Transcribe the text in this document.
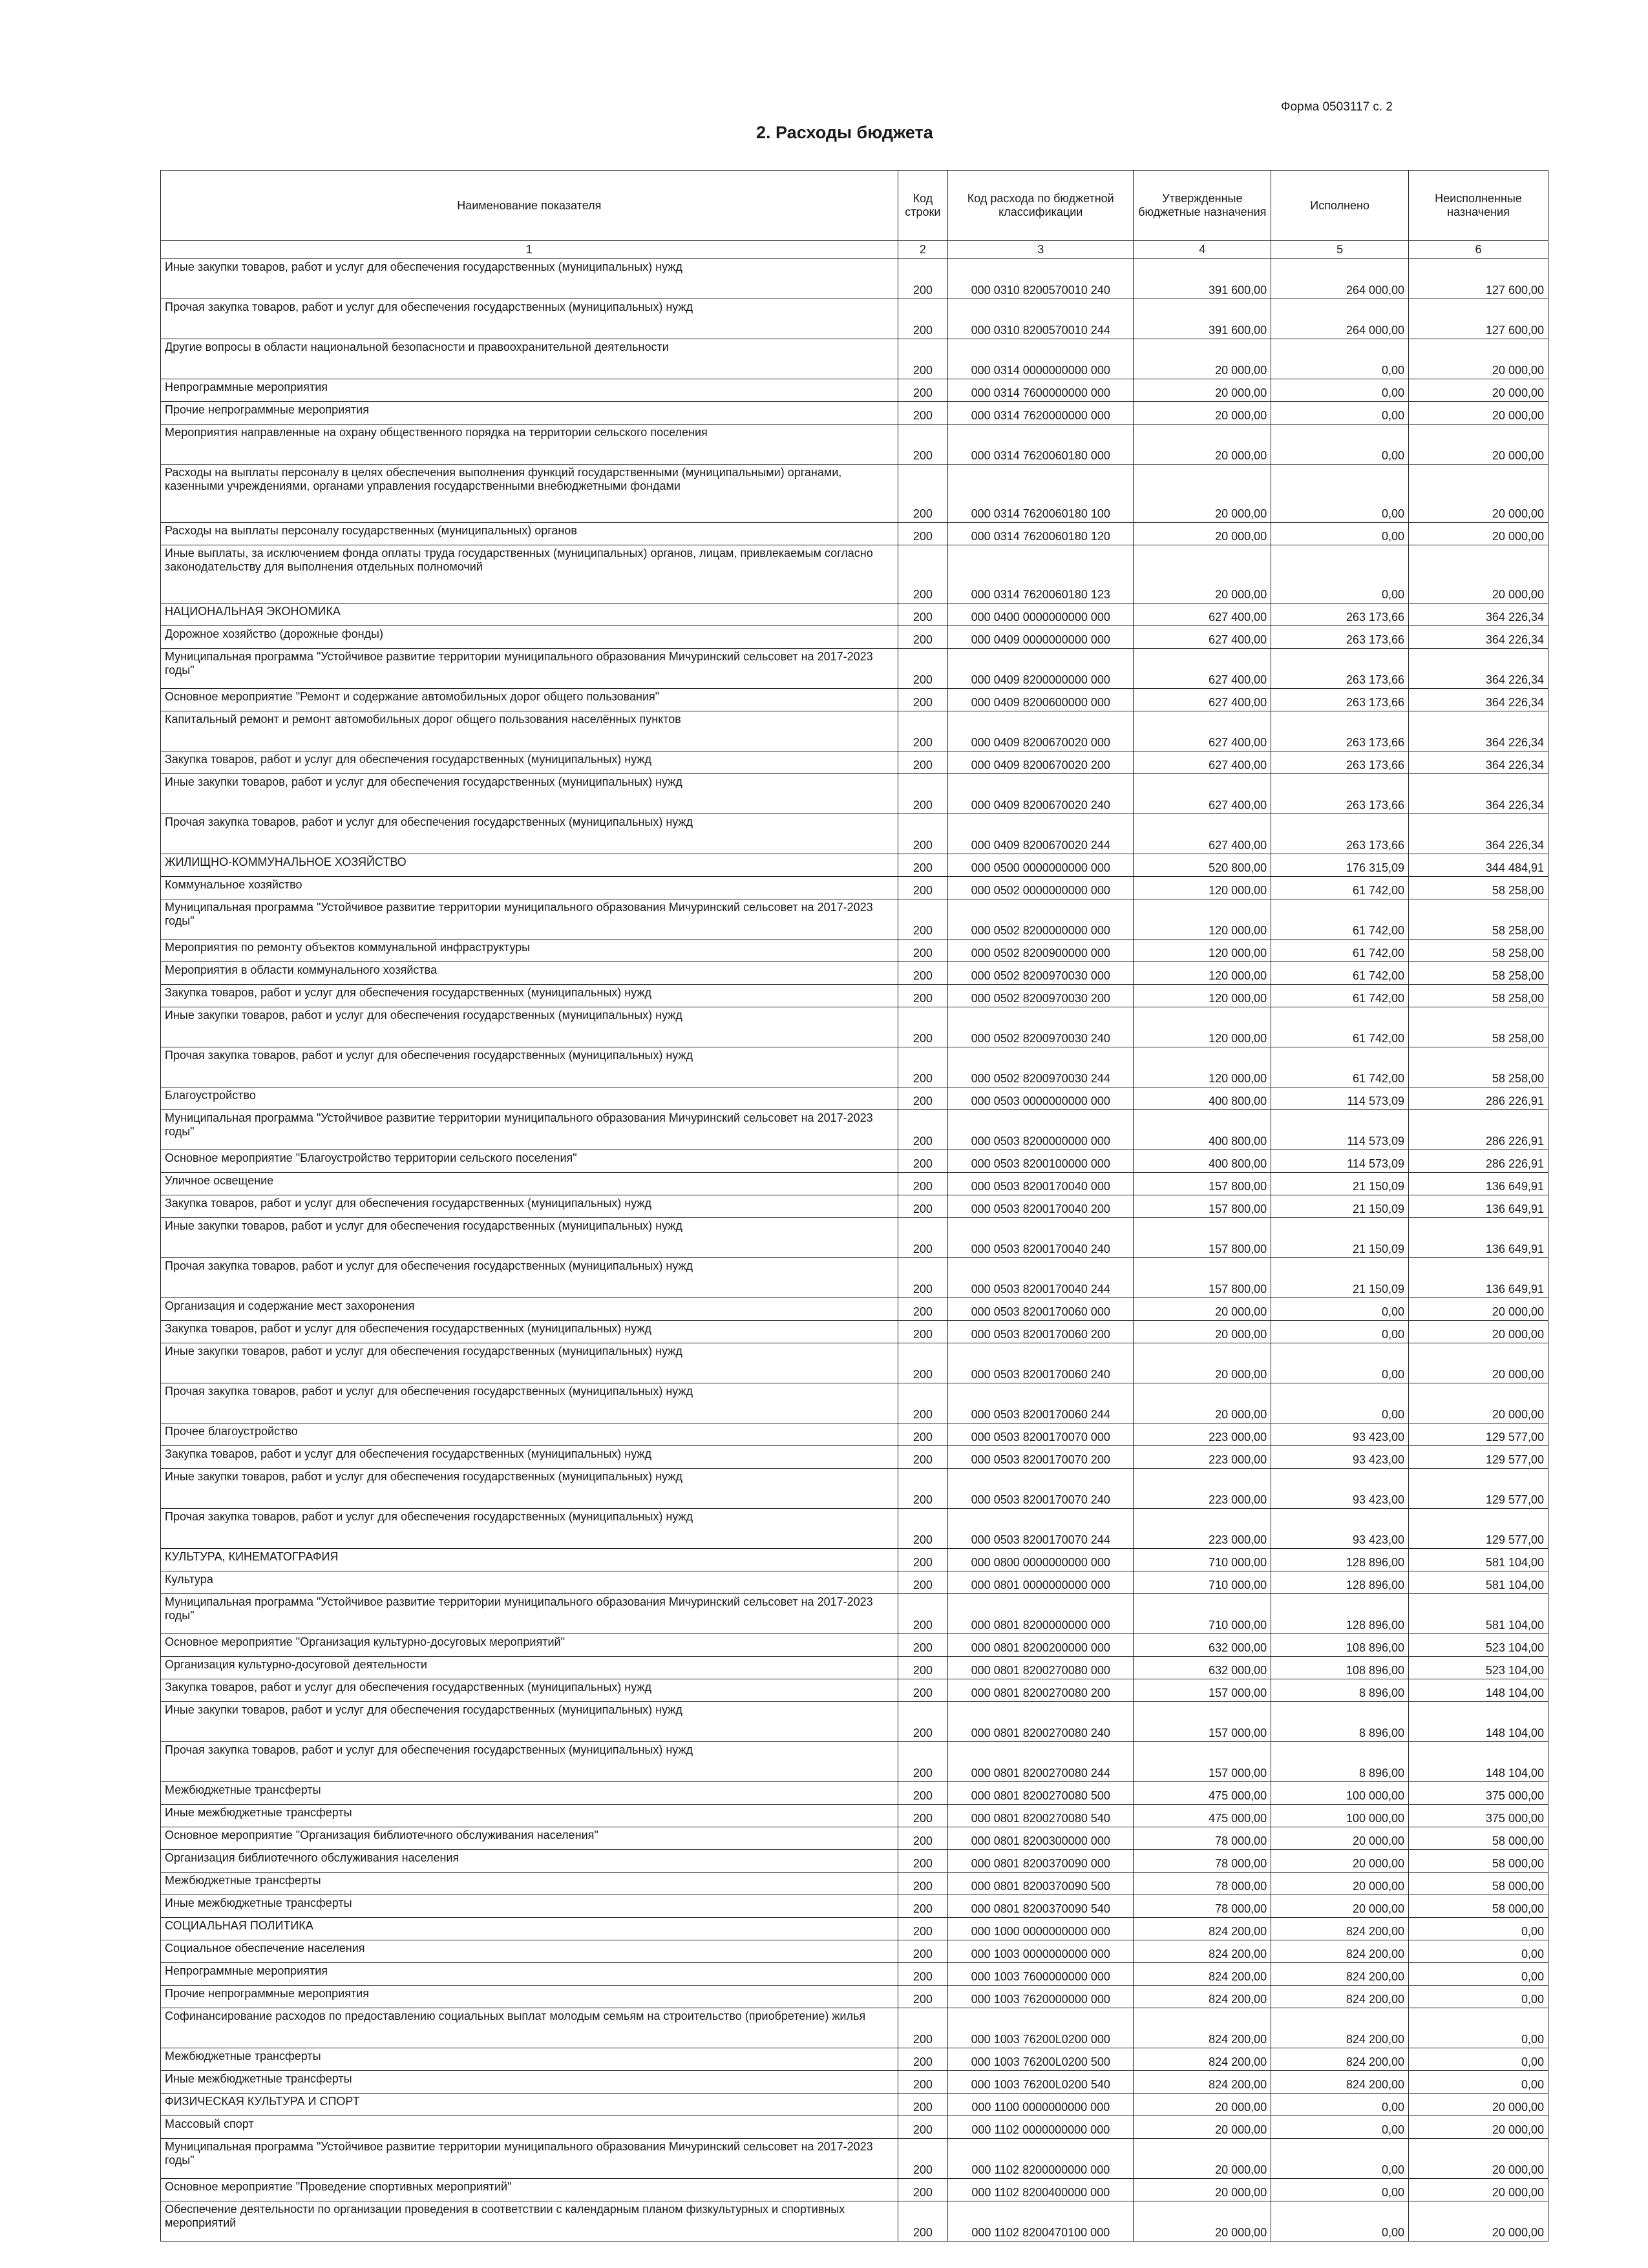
Форма 0503117 с. 2
2. Расходы бюджета
Наименование показателя	Код строки	Код расхода по бюджетной классификации	Утвержденные бюджетные назначения	Исполнено	Неисполненные назначения
1	2	3	4	5	6
Иные закупки товаров, работ и услуг для обеспечения государственных (муниципальных) нужд	200	000 0310 8200570010 240	391 600,00	264 000,00	127 600,00
Прочая закупка товаров, работ и услуг для обеспечения государственных (муниципальных) нужд	200	000 0310 8200570010 244	391 600,00	264 000,00	127 600,00
Другие вопросы в области национальной безопасности и правоохранительной деятельности	200	000 0314 0000000000 000	20 000,00	0,00	20 000,00
Непрограммные мероприятия	200	000 0314 7600000000 000	20 000,00	0,00	20 000,00
Прочие непрограммные мероприятия	200	000 0314 7620000000 000	20 000,00	0,00	20 000,00
Мероприятия направленные на охрану общественного порядка на территории сельского поселения	200	000 0314 7620060180 000	20 000,00	0,00	20 000,00
Расходы на выплаты персоналу в целях обеспечения выполнения функций государственными (муниципальными) органами, казенными учреждениями, органами управления государственными внебюджетными фондами	200	000 0314 7620060180 100	20 000,00	0,00	20 000,00
Расходы на выплаты персоналу государственных (муниципальных) органов	200	000 0314 7620060180 120	20 000,00	0,00	20 000,00
Иные выплаты, за исключением фонда оплаты труда государственных (муниципальных) органов, лицам, привлекаемым согласно законодательству для выполнения отдельных полномочий	200	000 0314 7620060180 123	20 000,00	0,00	20 000,00
НАЦИОНАЛЬНАЯ ЭКОНОМИКА	200	000 0400 0000000000 000	627 400,00	263 173,66	364 226,34
Дорожное хозяйство (дорожные фонды)	200	000 0409 0000000000 000	627 400,00	263 173,66	364 226,34
Муниципальная программа "Устойчивое развитие территории муниципального образования Мичуринский сельсовет на 2017-2023 годы"	200	000 0409 8200000000 000	627 400,00	263 173,66	364 226,34
Основное мероприятие "Ремонт и содержание автомобильных дорог общего пользования"	200	000 0409 8200600000 000	627 400,00	263 173,66	364 226,34
Капитальный ремонт и ремонт автомобильных дорог общего пользования населённых пунктов	200	000 0409 8200670020 000	627 400,00	263 173,66	364 226,34
Закупка товаров, работ и услуг для обеспечения государственных (муниципальных) нужд	200	000 0409 8200670020 200	627 400,00	263 173,66	364 226,34
Иные закупки товаров, работ и услуг для обеспечения государственных (муниципальных) нужд	200	000 0409 8200670020 240	627 400,00	263 173,66	364 226,34
Прочая закупка товаров, работ и услуг для обеспечения государственных (муниципальных) нужд	200	000 0409 8200670020 244	627 400,00	263 173,66	364 226,34
ЖИЛИЩНО-КОММУНАЛЬНОЕ ХОЗЯЙСТВО	200	000 0500 0000000000 000	520 800,00	176 315,09	344 484,91
Коммунальное хозяйство	200	000 0502 0000000000 000	120 000,00	61 742,00	58 258,00
Муниципальная программа "Устойчивое развитие территории муниципального образования Мичуринский сельсовет на 2017-2023 годы"	200	000 0502 8200000000 000	120 000,00	61 742,00	58 258,00
Мероприятия по ремонту объектов коммунальной инфраструктуры	200	000 0502 8200900000 000	120 000,00	61 742,00	58 258,00
Мероприятия в области коммунального хозяйства	200	000 0502 8200970030 000	120 000,00	61 742,00	58 258,00
Закупка товаров, работ и услуг для обеспечения государственных (муниципальных) нужд	200	000 0502 8200970030 200	120 000,00	61 742,00	58 258,00
Иные закупки товаров, работ и услуг для обеспечения государственных (муниципальных) нужд	200	000 0502 8200970030 240	120 000,00	61 742,00	58 258,00
Прочая закупка товаров, работ и услуг для обеспечения государственных (муниципальных) нужд	200	000 0502 8200970030 244	120 000,00	61 742,00	58 258,00
Благоустройство	200	000 0503 0000000000 000	400 800,00	114 573,09	286 226,91
Муниципальная программа "Устойчивое развитие территории муниципального образования Мичуринский сельсовет на 2017-2023 годы"	200	000 0503 8200000000 000	400 800,00	114 573,09	286 226,91
Основное мероприятие "Благоустройство территории сельского поселения"	200	000 0503 8200100000 000	400 800,00	114 573,09	286 226,91
Уличное освещение	200	000 0503 8200170040 000	157 800,00	21 150,09	136 649,91
Закупка товаров, работ и услуг для обеспечения государственных (муниципальных) нужд	200	000 0503 8200170040 200	157 800,00	21 150,09	136 649,91
Иные закупки товаров, работ и услуг для обеспечения государственных (муниципальных) нужд	200	000 0503 8200170040 240	157 800,00	21 150,09	136 649,91
Прочая закупка товаров, работ и услуг для обеспечения государственных (муниципальных) нужд	200	000 0503 8200170040 244	157 800,00	21 150,09	136 649,91
Организация и содержание мест захоронения	200	000 0503 8200170060 000	20 000,00	0,00	20 000,00
Закупка товаров, работ и услуг для обеспечения государственных (муниципальных) нужд	200	000 0503 8200170060 200	20 000,00	0,00	20 000,00
Иные закупки товаров, работ и услуг для обеспечения государственных (муниципальных) нужд	200	000 0503 8200170060 240	20 000,00	0,00	20 000,00
Прочая закупка товаров, работ и услуг для обеспечения государственных (муниципальных) нужд	200	000 0503 8200170060 244	20 000,00	0,00	20 000,00
Прочее благоустройство	200	000 0503 8200170070 000	223 000,00	93 423,00	129 577,00
Закупка товаров, работ и услуг для обеспечения государственных (муниципальных) нужд	200	000 0503 8200170070 200	223 000,00	93 423,00	129 577,00
Иные закупки товаров, работ и услуг для обеспечения государственных (муниципальных) нужд	200	000 0503 8200170070 240	223 000,00	93 423,00	129 577,00
Прочая закупка товаров, работ и услуг для обеспечения государственных (муниципальных) нужд	200	000 0503 8200170070 244	223 000,00	93 423,00	129 577,00
КУЛЬТУРА, КИНЕМАТОГРАФИЯ	200	000 0800 0000000000 000	710 000,00	128 896,00	581 104,00
Культура	200	000 0801 0000000000 000	710 000,00	128 896,00	581 104,00
Муниципальная программа "Устойчивое развитие территории муниципального образования Мичуринский сельсовет на 2017-2023 годы"	200	000 0801 8200000000 000	710 000,00	128 896,00	581 104,00
Основное мероприятие "Организация культурно-досуговых мероприятий"	200	000 0801 8200200000 000	632 000,00	108 896,00	523 104,00
Организация культурно-досуговой деятельности	200	000 0801 8200270080 000	632 000,00	108 896,00	523 104,00
Закупка товаров, работ и услуг для обеспечения государственных (муниципальных) нужд	200	000 0801 8200270080 200	157 000,00	8 896,00	148 104,00
Иные закупки товаров, работ и услуг для обеспечения государственных (муниципальных) нужд	200	000 0801 8200270080 240	157 000,00	8 896,00	148 104,00
Прочая закупка товаров, работ и услуг для обеспечения государственных (муниципальных) нужд	200	000 0801 8200270080 244	157 000,00	8 896,00	148 104,00
Межбюджетные трансферты	200	000 0801 8200270080 500	475 000,00	100 000,00	375 000,00
Иные межбюджетные трансферты	200	000 0801 8200270080 540	475 000,00	100 000,00	375 000,00
Основное мероприятие "Организация библиотечного обслуживания населения"	200	000 0801 8200300000 000	78 000,00	20 000,00	58 000,00
Организация библиотечного обслуживания населения	200	000 0801 8200370090 000	78 000,00	20 000,00	58 000,00
Межбюджетные трансферты	200	000 0801 8200370090 500	78 000,00	20 000,00	58 000,00
Иные межбюджетные трансферты	200	000 0801 8200370090 540	78 000,00	20 000,00	58 000,00
СОЦИАЛЬНАЯ ПОЛИТИКА	200	000 1000 0000000000 000	824 200,00	824 200,00	0,00
Социальное обеспечение населения	200	000 1003 0000000000 000	824 200,00	824 200,00	0,00
Непрограммные мероприятия	200	000 1003 7600000000 000	824 200,00	824 200,00	0,00
Прочие непрограммные мероприятия	200	000 1003 7620000000 000	824 200,00	824 200,00	0,00
Софинансирование расходов по предоставлению социальных выплат молодым семьям на строительство (приобретение) жилья	200	000 1003 76200L0200 000	824 200,00	824 200,00	0,00
Межбюджетные трансферты	200	000 1003 76200L0200 500	824 200,00	824 200,00	0,00
Иные межбюджетные трансферты	200	000 1003 76200L0200 540	824 200,00	824 200,00	0,00
ФИЗИЧЕСКАЯ КУЛЬТУРА И СПОРТ	200	000 1100 0000000000 000	20 000,00	0,00	20 000,00
Массовый спорт	200	000 1102 0000000000 000	20 000,00	0,00	20 000,00
Муниципальная программа "Устойчивое развитие территории муниципального образования Мичуринский сельсовет на 2017-2023 годы"	200	000 1102 8200000000 000	20 000,00	0,00	20 000,00
Основное мероприятие "Проведение спортивных мероприятий"	200	000 1102 8200400000 000	20 000,00	0,00	20 000,00
Обеспечение деятельности по организации проведения в соответствии с календарным планом физкультурных и спортивных мероприятий	200	000 1102 8200470100 000	20 000,00	0,00	20 000,00
